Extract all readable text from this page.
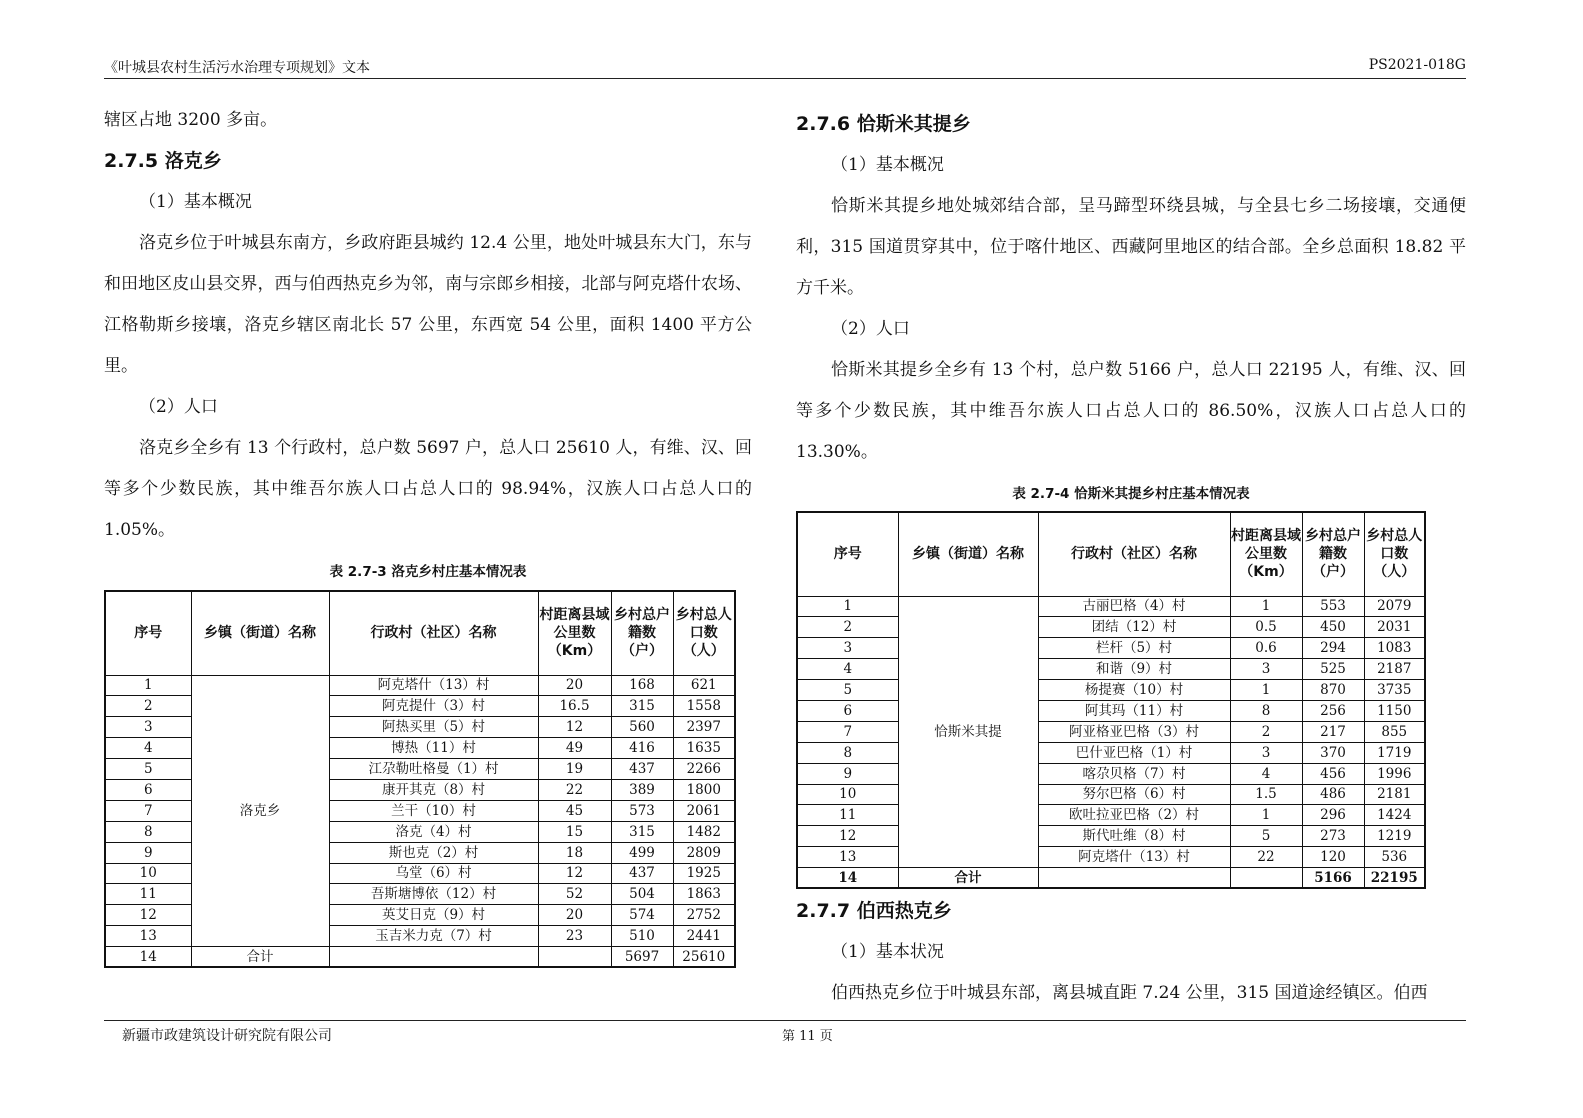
《叶城县农村生活污水治理专项规划》文本	PS2021-018G
辖区占地 3200 多亩。
2.7.5 洛克乡
（1）基本概况
洛克乡位于叶城县东南方，乡政府距县城约 12.4 公里，地处叶城县东大门，东与和田地区皮山县交界，西与伯西热克乡为邻，南与宗郎乡相接，北部与阿克塔什农场、江格勒斯乡接壤，洛克乡辖区南北长 57 公里，东西宽 54 公里，面积 1400 平方公里。
（2）人口
洛克乡全乡有 13 个行政村，总户数 5697 户，总人口 25610 人，有维、汉、回等多个少数民族，其中维吾尔族人口占总人口的 98.94%，汉族人口占总人口的 1.05%。
表 2.7-3 洛克乡村庄基本情况表
序号	乡镇（街道）名称	行政村（社区）名称	村距离县域公里数（Km）	乡村总户籍数（户）	乡村总人口数（人）
1	洛克乡	阿克塔什（13）村	20	168	621
2		阿克提什（3）村	16.5	315	1558
3		阿热买里（5）村	12	560	2397
4		博热（11）村	49	416	1635
5		江尕勒吐格曼（1）村	19	437	2266
6		康开其克（8）村	22	389	1800
7		兰干（10）村	45	573	2061
8		洛克（4）村	15	315	1482
9		斯也克（2）村	18	499	2809
10		乌堂（6）村	12	437	1925
11		吾斯塘博依（12）村	52	504	1863
12		英艾日克（9）村	20	574	2752
13		玉吉米力克（7）村	23	510	2441
14	合计			5697	25610
2.7.6 恰斯米其提乡
（1）基本概况
恰斯米其提乡地处城郊结合部，呈马蹄型环绕县城，与全县七乡二场接壤，交通便利，315 国道贯穿其中，位于喀什地区、西藏阿里地区的结合部。全乡总面积 18.82 平方千米。
（2）人口
恰斯米其提乡全乡有 13 个村，总户数 5166 户，总人口 22195 人，有维、汉、回等多个少数民族，其中维吾尔族人口占总人口的 86.50%，汉族人口占总人口的 13.30%。
表 2.7-4 恰斯米其提乡村庄基本情况表
序号	乡镇（街道）名称	行政村（社区）名称	村距离县域公里数（Km）	乡村总户籍数（户）	乡村总人口数（人）
1	恰斯米其提	古丽巴格（4）村	1	553	2079
2		团结（12）村	0.5	450	2031
3		栏杆（5）村	0.6	294	1083
4		和谐（9）村	3	525	2187
5		杨提赛（10）村	1	870	3735
6		阿其玛（11）村	8	256	1150
7		阿亚格亚巴格（3）村	2	217	855
8		巴什亚巴格（1）村	3	370	1719
9		喀尕贝格（7）村	4	456	1996
10		努尔巴格（6）村	1.5	486	2181
11		欧吐拉亚巴格（2）村	1	296	1424
12		斯代吐维（8）村	5	273	1219
13		阿克塔什（13）村	22	120	536
14	合计			5166	22195
2.7.7 伯西热克乡
（1）基本状况
伯西热克乡位于叶城县东部，离县城直距 7.24 公里，315 国道途经镇区。伯西
新疆市政建筑设计研究院有限公司	第 11 页
